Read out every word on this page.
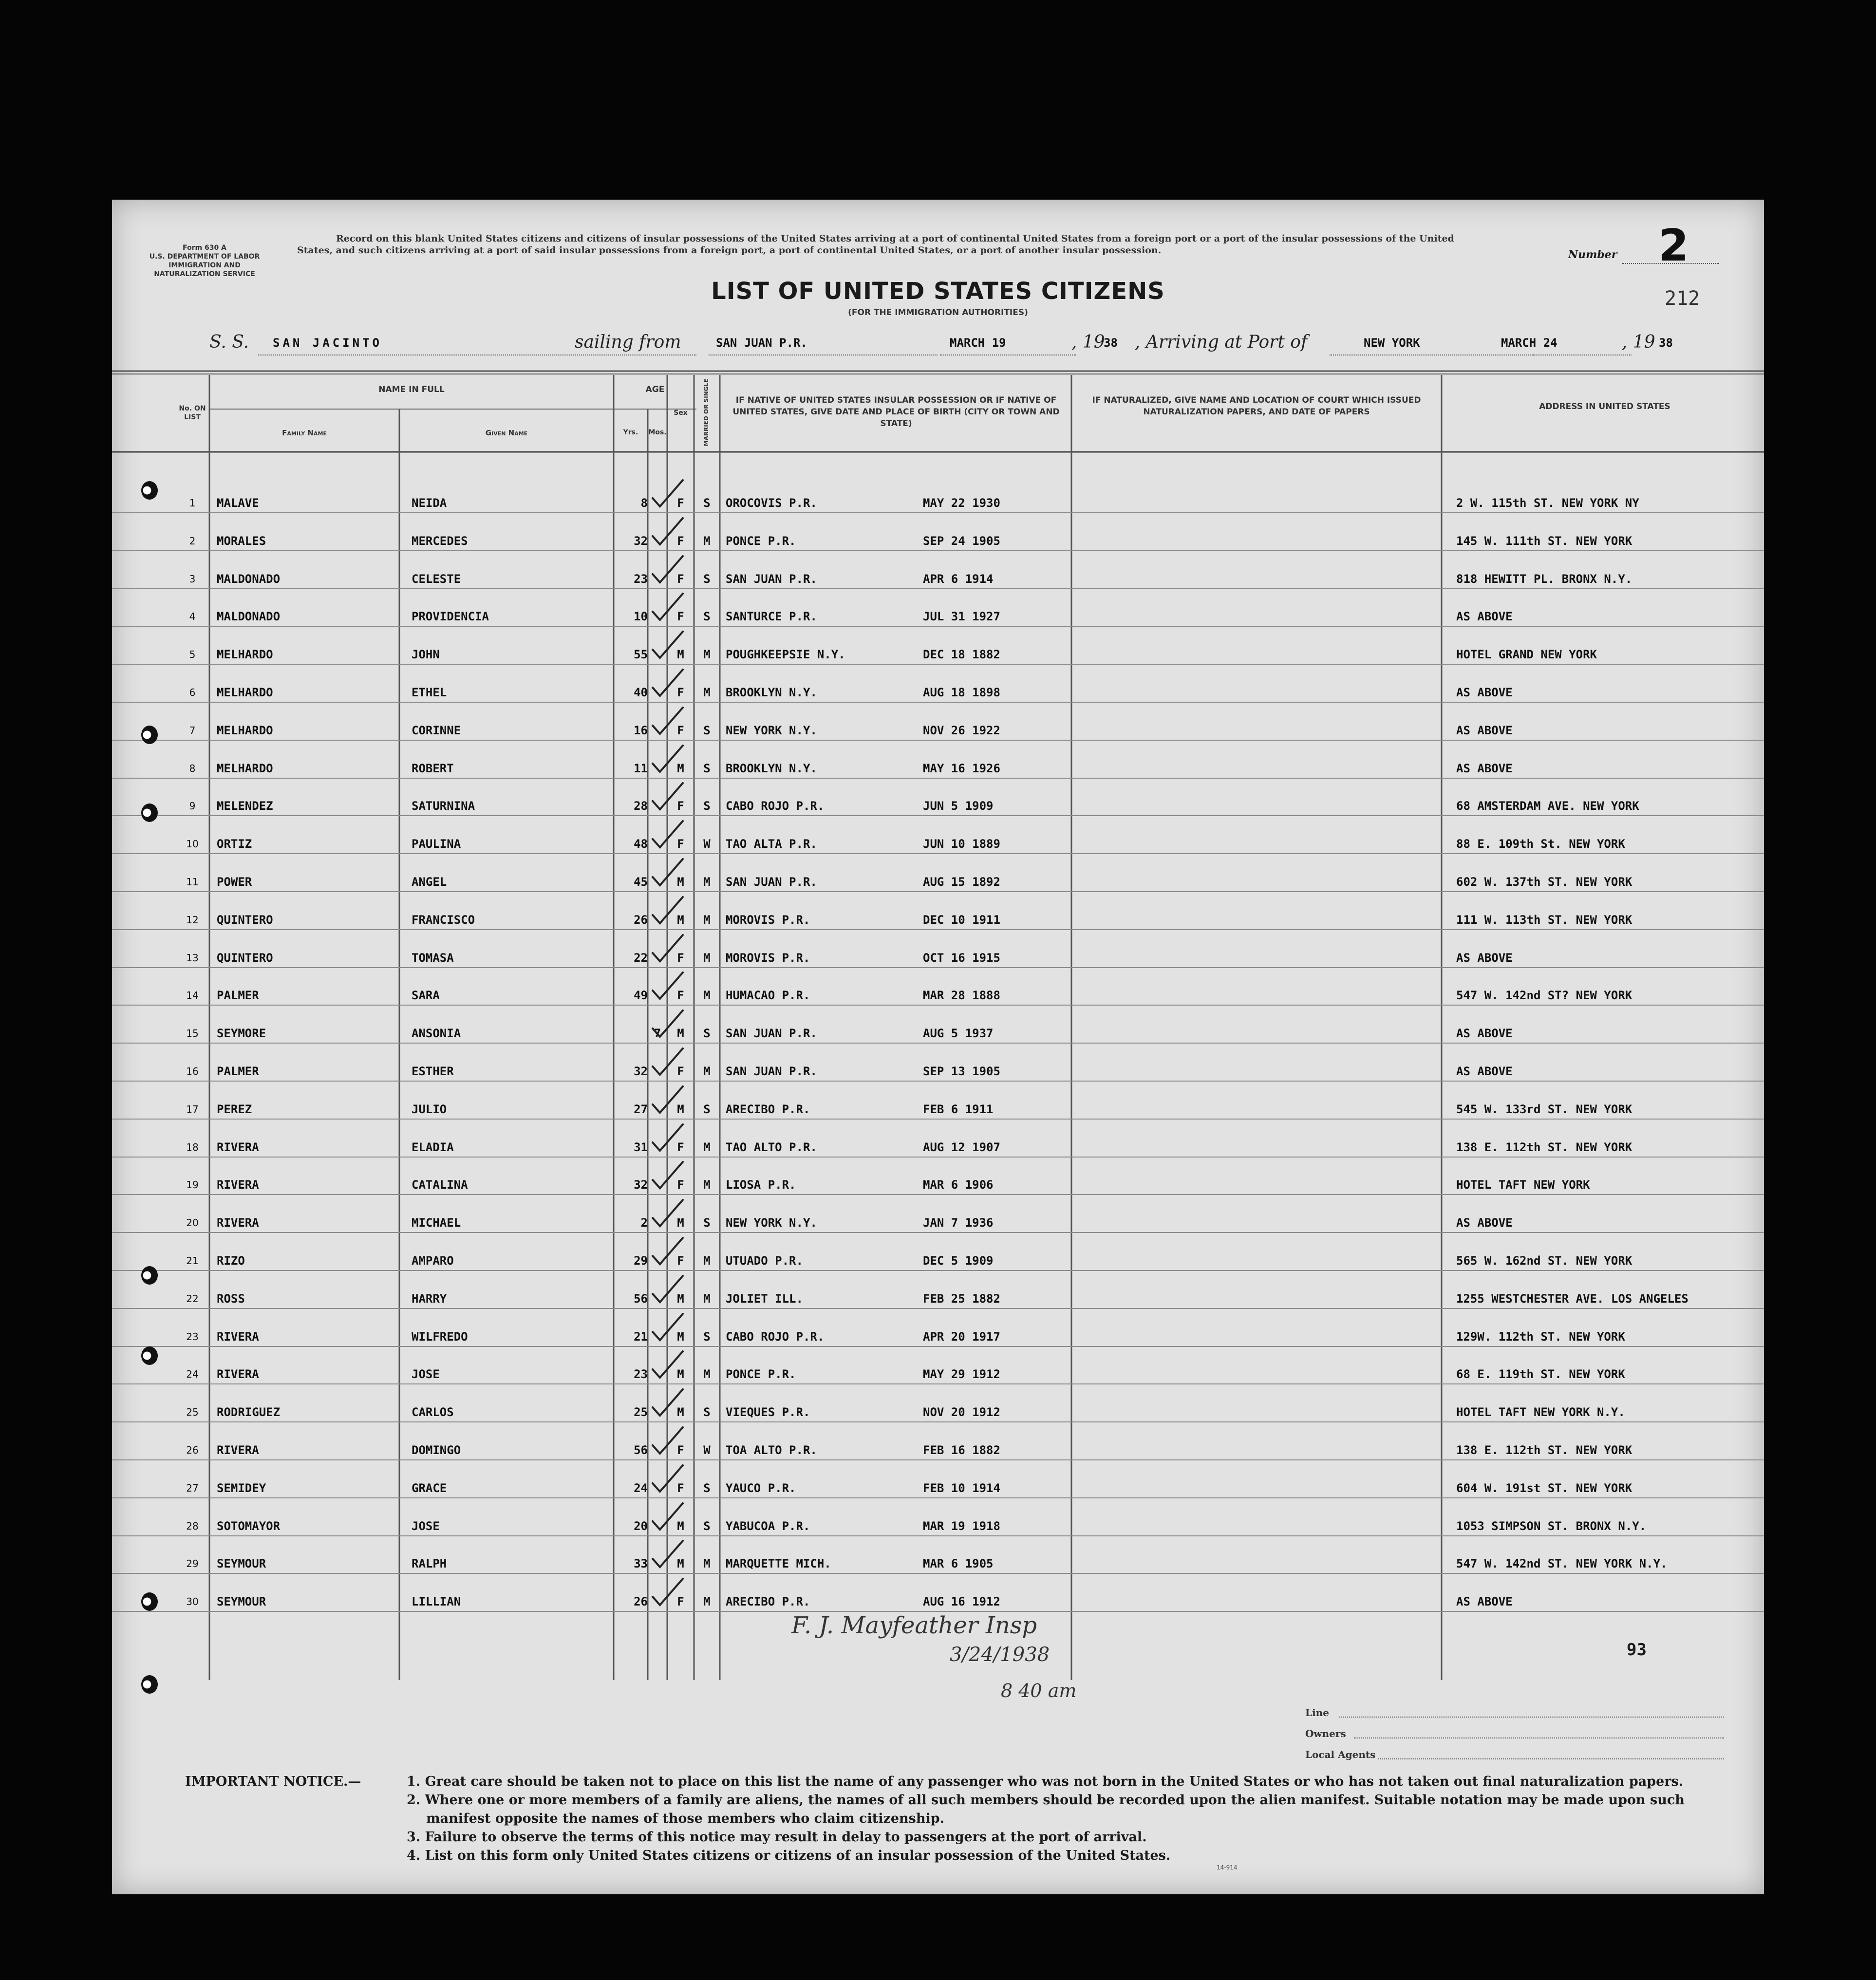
Form 630 A
U.S. DEPARTMENT OF LABOR
IMMIGRATION AND
NATURALIZATION SERVICE
Record on this blank United States citizens and citizens of insular possessions of the United States arriving at a port of continental United States from a foreign port or a port of the insular possessions of the United States, and such citizens arriving at a port of said insular possessions from a foreign port, a port of continental United States, or a port of another insular possession.	Number 2
212
LIST OF UNITED STATES CITIZENS
(FOR THE IMMIGRATION AUTHORITIES)
S. S. SAN JACINTO	sailing from	SAN JUAN P.R.	MARCH 19	, 19
38 , Arriving at Port of	NEW YORK	MARCH 24	, 19 38
No. ON LIST
NAME IN FULL
Family Name	Given Name
AGE
Yrs.	Mos.
Sex	MARRIED OR SINGLE	IF NATIVE OF UNITED STATES INSULAR POSSESSION OR IF NATIVE OF UNITED STATES, GIVE DATE AND PLACE OF BIRTH (CITY OR TOWN AND STATE)
IF NATURALIZED, GIVE NAME AND LOCATION OF COURT WHICH ISSUED NATURALIZATION PAPERS, AND DATE OF PAPERS
ADDRESS IN UNITED STATES
1	MALAVE	NEIDA	8	F	S	OROCOVIS P.R.	MAY 22 1930	2 W. 115th ST. NEW YORK NY
2	MORALES	MERCEDES	32	F	M	PONCE P.R.	SEP 24 1905	145 W. 111th ST. NEW YORK
3	MALDONADO	CELESTE	23	F	S	SAN JUAN P.R.	APR 6 1914	818 HEWITT PL. BRONX N.Y.
4	MALDONADO	PROVIDENCIA	10	F	S	SANTURCE P.R.	JUL 31 1927	AS ABOVE
5	MELHARDO	JOHN	55	M	M	POUGHKEEPSIE N.Y.	DEC 18 1882	HOTEL GRAND NEW YORK
6	MELHARDO	ETHEL	40	F	M	BROOKLYN N.Y.	AUG 18 1898	AS ABOVE
7	MELHARDO	CORINNE	16	F	S	NEW YORK N.Y.	NOV 26 1922	AS ABOVE
8	MELHARDO	ROBERT	11	M	S	BROOKLYN N.Y.	MAY 16 1926	AS ABOVE
9	MELENDEZ	SATURNINA	28	F	S	CABO ROJO P.R.	JUN 5 1909	68 AMSTERDAM AVE. NEW YORK
10	ORTIZ	PAULINA	48	F	W	TAO ALTA P.R.	JUN 10 1889	88 E. 109th St. NEW YORK
11	POWER	ANGEL	45	M	M	SAN JUAN P.R.	AUG 15 1892	602 W. 137th ST. NEW YORK
12	QUINTERO	FRANCISCO	26	M	M	MOROVIS P.R.	DEC 10 1911	111 W. 113th ST. NEW YORK
13	QUINTERO	TOMASA	22	F	M	MOROVIS P.R.	OCT 16 1915	AS ABOVE
14	PALMER	SARA	49	F	M	HUMACAO P.R.	MAR 28 1888	547 W. 142nd ST? NEW YORK
15	SEYMORE	ANSONIA	7	M	S	SAN JUAN P.R.	AUG 5 1937	AS ABOVE
16	PALMER	ESTHER	32	F	M	SAN JUAN P.R.	SEP 13 1905	AS ABOVE
17	PEREZ	JULIO	27	M	S	ARECIBO P.R.	FEB 6 1911	545 W. 133rd ST. NEW YORK
18	RIVERA	ELADIA	31	F	M	TAO ALTO P.R.	AUG 12 1907	138 E. 112th ST. NEW YORK
19	RIVERA	CATALINA	32	F	M	LIOSA P.R.	MAR 6 1906	HOTEL TAFT NEW YORK
20	RIVERA	MICHAEL	2	M	S	NEW YORK N.Y.	JAN 7 1936	AS ABOVE
21	RIZO	AMPARO	29	F	M	UTUADO P.R.	DEC 5 1909	565 W. 162nd ST. NEW YORK
22	ROSS	HARRY	56	M	M	JOLIET ILL.	FEB 25 1882	1255 WESTCHESTER AVE. LOS ANGELES
23	RIVERA	WILFREDO	21	M	S	CABO ROJO P.R.	APR 20 1917	129W. 112th ST. NEW YORK
24	RIVERA	JOSE	23	M	M	PONCE P.R.	MAY 29 1912	68 E. 119th ST. NEW YORK
25	RODRIGUEZ	CARLOS	25	M	S	VIEQUES P.R.	NOV 20 1912	HOTEL TAFT NEW YORK N.Y.
26	RIVERA	DOMINGO	56	F	W	TOA ALTO P.R.	FEB 16 1882	138 E. 112th ST. NEW YORK
27	SEMIDEY	GRACE	24	F	S	YAUCO P.R.	FEB 10 1914	604 W. 191st ST. NEW YORK
28	SOTOMAYOR	JOSE	20	M	S	YABUCOA P.R.	MAR 19 1918	1053 SIMPSON ST. BRONX N.Y.
29	SEYMOUR	RALPH	33	M	M	MARQUETTE MICH.	MAR 6 1905	547 W. 142nd ST. NEW YORK N.Y.
30	SEYMOUR	LILLIAN	26	F	M	ARECIBO P.R.	AUG 16 1912	AS ABOVE
F. J. Mayfeather Insp
3/24/1938
8 40 am
93
Line
Owners
Local Agents
IMPORTANT NOTICE.—	1. Great care should be taken not to place on this list the name of any passenger who was not born in the United States or who has not taken out final naturalization papers.
2. Where one or more members of a family are aliens, the names of all such members should be recorded upon the alien manifest. Suitable notation may be made upon such manifest opposite the names of those members who claim citizenship.
3. Failure to observe the terms of this notice may result in delay to passengers at the port of arrival.
4. List on this form only United States citizens or citizens of an insular possession of the United States.
14-914
